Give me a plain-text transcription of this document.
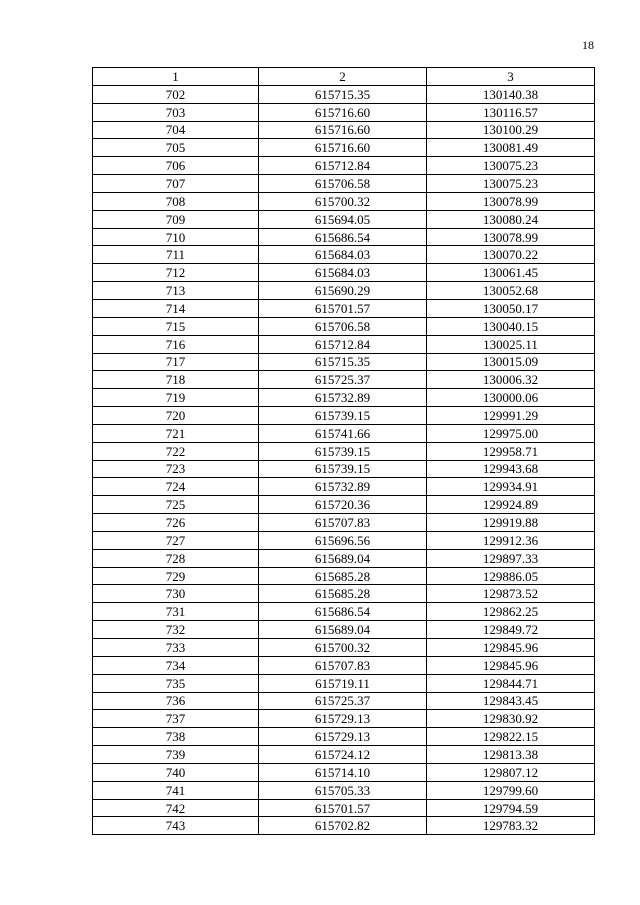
18
1	2	3
702	615715.35	130140.38
703	615716.60	130116.57
704	615716.60	130100.29
705	615716.60	130081.49
706	615712.84	130075.23
707	615706.58	130075.23
708	615700.32	130078.99
709	615694.05	130080.24
710	615686.54	130078.99
711	615684.03	130070.22
712	615684.03	130061.45
713	615690.29	130052.68
714	615701.57	130050.17
715	615706.58	130040.15
716	615712.84	130025.11
717	615715.35	130015.09
718	615725.37	130006.32
719	615732.89	130000.06
720	615739.15	129991.29
721	615741.66	129975.00
722	615739.15	129958.71
723	615739.15	129943.68
724	615732.89	129934.91
725	615720.36	129924.89
726	615707.83	129919.88
727	615696.56	129912.36
728	615689.04	129897.33
729	615685.28	129886.05
730	615685.28	129873.52
731	615686.54	129862.25
732	615689.04	129849.72
733	615700.32	129845.96
734	615707.83	129845.96
735	615719.11	129844.71
736	615725.37	129843.45
737	615729.13	129830.92
738	615729.13	129822.15
739	615724.12	129813.38
740	615714.10	129807.12
741	615705.33	129799.60
742	615701.57	129794.59
743	615702.82	129783.32
